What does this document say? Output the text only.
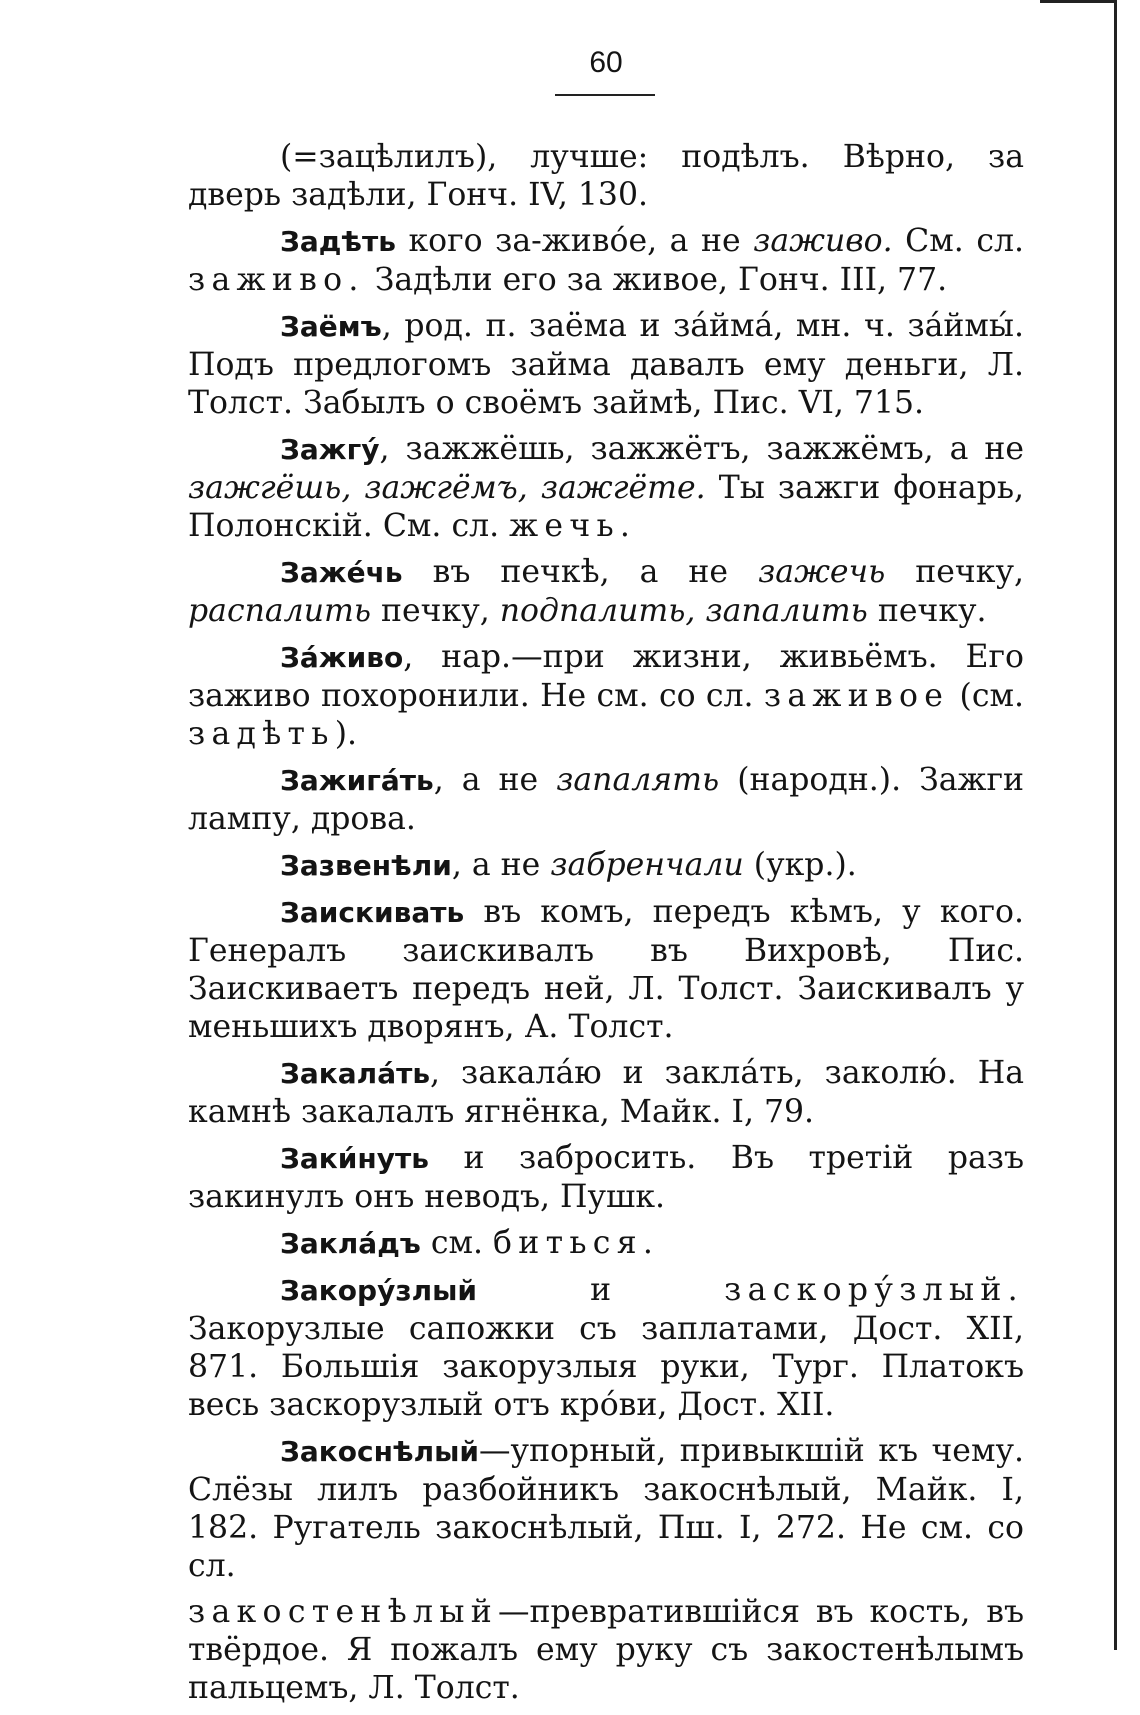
60

(=зацѣлилъ), лучше: подѣлъ. Вѣрно, за дверь задѣли, Гонч. IV, 130.

Задѣть кого за-живо́е, а не заживо. См. сл. заживо. Задѣли его за живое, Гонч. III, 77.

Заёмъ, род. п. заёма и за́йма́, мн. ч. за́ймы́. Подъ предлогомъ займа давалъ ему деньги, Л. Толст. Забылъ о своёмъ займѣ, Пис. VI, 715.

Зажгу́, зажжёшь, зажжётъ, зажжёмъ, а не зажгёшь, зажгёмъ, зажгёте. Ты зажги фонарь, Полонскій. См. сл. жечь.

Заже́чь въ печкѣ, а не зажечь печку, распалить печку, подпалить, запалить печку.

За́живо, нар.—при жизни, живьёмъ. Его заживо похоронили. Не см. со сл. заживое (см. задѣть).

Зажига́ть, а не запалять (народн.). Зажги лампу, дрова.

Зазвенѣли, а не забренчали (укр.).

Заискивать въ комъ, передъ кѣмъ, у кого. Генералъ заискивалъ въ Вихровѣ, Пис. Заискиваетъ передъ ней, Л. Толст. Заискивалъ у меньшихъ дворянъ, А. Толст.

Закала́ть, закала́ю и закла́ть, заколю́. На камнѣ закалалъ ягнёнка, Майк. I, 79.

Заки́нуть и забросить. Въ третій разъ закинулъ онъ неводъ, Пушк.

Закла́дъ см. биться.

Закору́злый и заскору́злый. Закорузлые сапожки съ заплатами, Дост. XII, 871. Большія закорузлыя руки, Тург. Платокъ весь заскорузлый отъ кро́ви, Дост. XII.

Закоснѣлый—упорный, привыкшій къ чему. Слёзы лилъ разбойникъ закоснѣлый, Майк. I, 182. Ругатель закоснѣлый, Пш. I, 272. Не см. со сл.

закостенѣлый—превратившійся въ кость, въ твёрдое. Я пожалъ ему руку съ закостенѣлымъ пальцемъ, Л. Толст.
